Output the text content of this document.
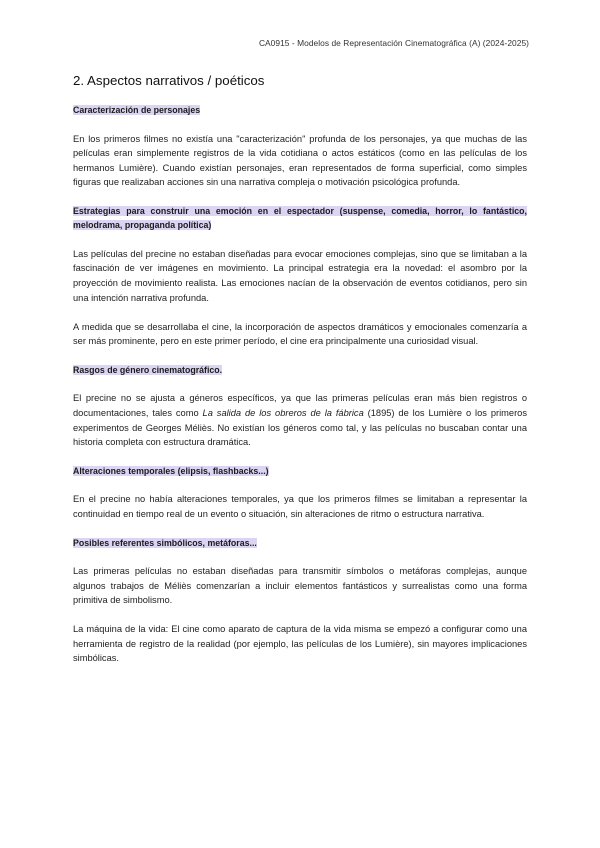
CA0915 - Modelos de Representación Cinematográfica (A) (2024-2025)
2. Aspectos narrativos / poéticos
Caracterización de personajes

En los primeros filmes no existía una "caracterización" profunda de los personajes, ya que muchas de las películas eran simplemente registros de la vida cotidiana o actos estáticos (como en las películas de los hermanos Lumière). Cuando existían personajes, eran representados de forma superficial, como simples figuras que realizaban acciones sin una narrativa compleja o motivación psicológica profunda.

Estrategias para construir una emoción en el espectador (suspense, comedia, horror, lo fantástico, melodrama, propaganda política)

Las películas del precine no estaban diseñadas para evocar emociones complejas, sino que se limitaban a la fascinación de ver imágenes en movimiento. La principal estrategia era la novedad: el asombro por la proyección de movimiento realista. Las emociones nacían de la observación de eventos cotidianos, pero sin una intención narrativa profunda.

A medida que se desarrollaba el cine, la incorporación de aspectos dramáticos y emocionales comenzaría a ser más prominente, pero en este primer período, el cine era principalmente una curiosidad visual.

Rasgos de género cinematográfico.

El precine no se ajusta a géneros específicos, ya que las primeras películas eran más bien registros o documentaciones, tales como La salida de los obreros de la fábrica (1895) de los Lumière o los primeros experimentos de Georges Méliès. No existían los géneros como tal, y las películas no buscaban contar una historia completa con estructura dramática.

Alteraciones temporales (elipsis, flashbacks...)

En el precine no había alteraciones temporales, ya que los primeros filmes se limitaban a representar la continuidad en tiempo real de un evento o situación, sin alteraciones de ritmo o estructura narrativa.

Posibles referentes simbólicos, metáforas...

Las primeras películas no estaban diseñadas para transmitir símbolos o metáforas complejas, aunque algunos trabajos de Méliès comenzarían a incluir elementos fantásticos y surrealistas como una forma primitiva de simbolismo.

La máquina de la vida: El cine como aparato de captura de la vida misma se empezó a configurar como una herramienta de registro de la realidad (por ejemplo, las películas de los Lumière), sin mayores implicaciones simbólicas.
